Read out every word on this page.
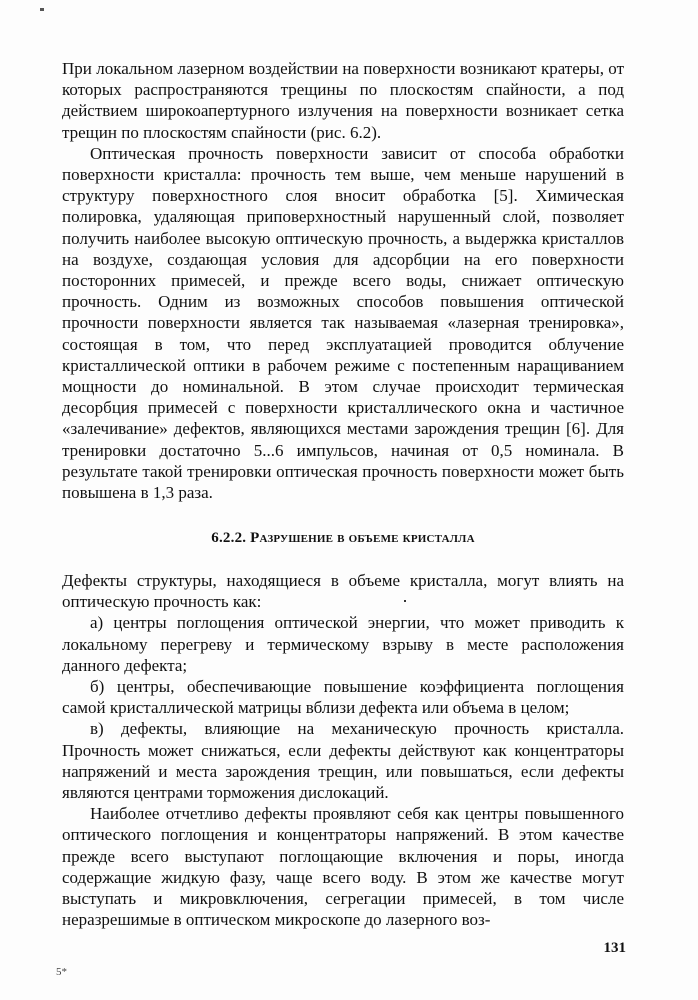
При локальном лазерном воздействии на поверхности возникают кратеры, от которых распространяются трещины по плоскостям спайности, а под действием широкоапертурного излучения на поверхности возникает сетка трещин по плоскостям спайности (рис. 6.2).

Оптическая прочность поверхности зависит от способа обработки поверхности кристалла: прочность тем выше, чем меньше нарушений в структуру поверхностного слоя вносит обработка [5]. Химическая полировка, удаляющая приповерхностный нарушенный слой, позволяет получить наиболее высокую оптическую прочность, а выдержка кристаллов на воздухе, создающая условия для адсорбции на его поверхности посторонних примесей, и прежде всего воды, снижает оптическую прочность. Одним из возможных способов повышения оптической прочности поверхности является так называемая «лазерная тренировка», состоящая в том, что перед эксплуатацией проводится облучение кристаллической оптики в рабочем режиме с постепенным наращиванием мощности до номинальной. В этом случае происходит термическая десорбция примесей с поверхности кристаллического окна и частичное «залечивание» дефектов, являющихся местами зарождения трещин [6]. Для тренировки достаточно 5...6 импульсов, начиная от 0,5 номинала. В результате такой тренировки оптическая прочность поверхности может быть повышена в 1,3 раза.

6.2.2. Разрушение в объеме кристалла

Дефекты структуры, находящиеся в объеме кристалла, могут влиять на оптическую прочность как:

а) центры поглощения оптической энергии, что может приводить к локальному перегреву и термическому взрыву в месте расположения данного дефекта;

б) центры, обеспечивающие повышение коэффициента поглощения самой кристаллической матрицы вблизи дефекта или объема в целом;

в) дефекты, влияющие на механическую прочность кристалла. Прочность может снижаться, если дефекты действуют как концентраторы напряжений и места зарождения трещин, или повышаться, если дефекты являются центрами торможения дислокаций.

Наиболее отчетливо дефекты проявляют себя как центры повышенного оптического поглощения и концентраторы напряжений. В этом качестве прежде всего выступают поглощающие включения и поры, иногда содержащие жидкую фазу, чаще всего воду. В этом же качестве могут выступать и микровключения, сегрегации примесей, в том числе неразрешимые в оптическом микроскопе до лазерного воз-

131

5*
